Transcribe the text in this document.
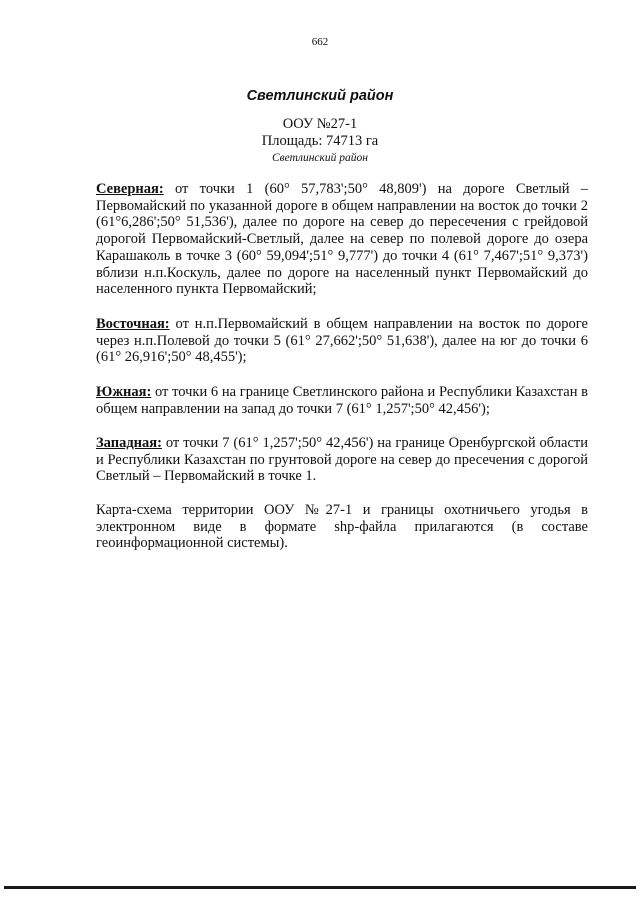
662
Светлинский район
ООУ №27-1
Площадь: 74713 га
Светлинский район

Северная: от точки 1 (60° 57,783';50° 48,809') на дороге Светлый – Первомайский по указанной дороге в общем направлении на восток до точки 2 (61°6,286';50° 51,536'), далее по дороге на север до пересечения с грейдовой дорогой Первомайский-Светлый, далее на север по полевой дороге до озера Карашаколь в точке 3 (60° 59,094';51° 9,777') до точки 4 (61° 7,467';51° 9,373') вблизи н.п.Коскуль, далее по дороге на населенный пункт Первомайский до населенного пункта Первомайский;

Восточная: от н.п.Первомайский в общем направлении на восток по дороге через н.п.Полевой до точки 5 (61° 27,662';50° 51,638'), далее на юг до точки 6 (61° 26,916';50° 48,455');

Южная: от точки 6 на границе Светлинского района и Республики Казахстан в общем направлении на запад до точки 7 (61° 1,257';50° 42,456');

Западная: от точки 7 (61° 1,257';50° 42,456') на границе Оренбургской области и Республики Казахстан по грунтовой дороге на север до пресечения с дорогой Светлый – Первомайский в точке 1.

Карта-схема территории ООУ №27-1 и границы охотничьего угодья в электронном виде в формате shp-файла прилагаются (в составе геоинформационной системы).
